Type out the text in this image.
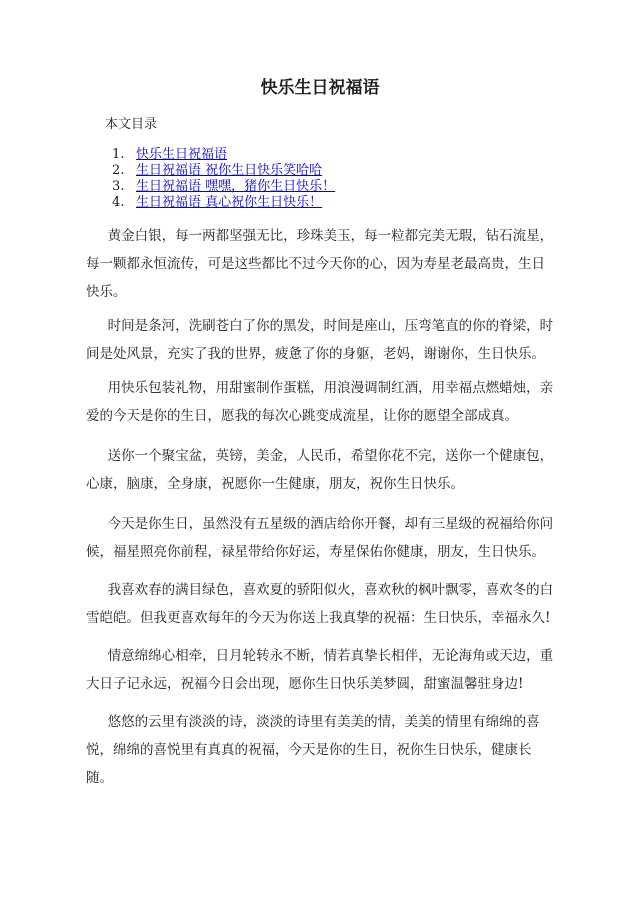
快乐生日祝福语

本文目录

1. 快乐生日祝福语
2. 生日祝福语 祝你生日快乐笑哈哈
3. 生日祝福语 嘿嘿，猪你生日快乐！
4. 生日祝福语 真心祝你生日快乐！

黄金白银，每一两都坚强无比，珍珠美玉，每一粒都完美无瑕，钻石流星，
每一颗都永恒流传，可是这些都比不过今天你的心，因为寿星老最高贵，生日
快乐。

时间是条河，洗刷苍白了你的黑发，时间是座山，压弯笔直的你的脊梁，时
间是处风景，充实了我的世界，疲惫了你的身躯，老妈，谢谢你，生日快乐。

用快乐包装礼物，用甜蜜制作蛋糕，用浪漫调制红酒，用幸福点燃蜡烛，亲
爱的今天是你的生日，愿我的每次心跳变成流星，让你的愿望全部成真。

送你一个聚宝盆，英镑，美金，人民币，希望你花不完，送你一个健康包，
心康，脑康，全身康，祝愿你一生健康，朋友，祝你生日快乐。

今天是你生日，虽然没有五星级的酒店给你开餐，却有三星级的祝福给你问
候，福星照亮你前程，禄星带给你好运，寿星保佑你健康，朋友，生日快乐。

我喜欢春的满目绿色，喜欢夏的骄阳似火，喜欢秋的枫叶飘零，喜欢冬的白
雪皑皑。但我更喜欢每年的今天为你送上我真挚的祝福：生日快乐，幸福永久!

情意绵绵心相牵，日月轮转永不断，情若真挚长相伴，无论海角或天边，重
大日子记永远，祝福今日会出现，愿你生日快乐美梦圆，甜蜜温馨驻身边!

悠悠的云里有淡淡的诗，淡淡的诗里有美美的情，美美的情里有绵绵的喜
悦，绵绵的喜悦里有真真的祝福，今天是你的生日，祝你生日快乐，健康长
随。
